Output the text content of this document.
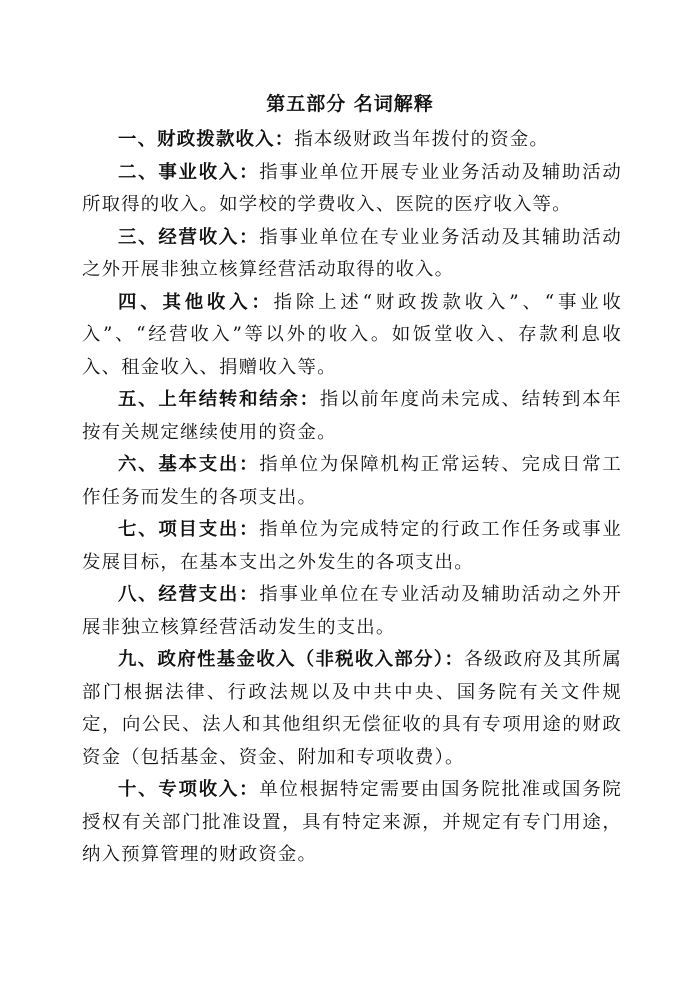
第五部分 名词解释

一、财政拨款收入：指本级财政当年拨付的资金。

二、事业收入：指事业单位开展专业业务活动及辅助活动所取得的收入。如学校的学费收入、医院的医疗收入等。

三、经营收入：指事业单位在专业业务活动及其辅助活动之外开展非独立核算经营活动取得的收入。

四、其他收入：指除上述“财政拨款收入”、“事业收入”、“经营收入”等以外的收入。如饭堂收入、存款利息收入、租金收入、捐赠收入等。

五、上年结转和结余：指以前年度尚未完成、结转到本年按有关规定继续使用的资金。

六、基本支出：指单位为保障机构正常运转、完成日常工作任务而发生的各项支出。

七、项目支出：指单位为完成特定的行政工作任务或事业发展目标，在基本支出之外发生的各项支出。

八、经营支出：指事业单位在专业活动及辅助活动之外开展非独立核算经营活动发生的支出。

九、政府性基金收入（非税收入部分）：各级政府及其所属部门根据法律、行政法规以及中共中央、国务院有关文件规定，向公民、法人和其他组织无偿征收的具有专项用途的财政资金（包括基金、资金、附加和专项收费）。

十、专项收入：单位根据特定需要由国务院批准或国务院授权有关部门批准设置，具有特定来源，并规定有专门用途，纳入预算管理的财政资金。
